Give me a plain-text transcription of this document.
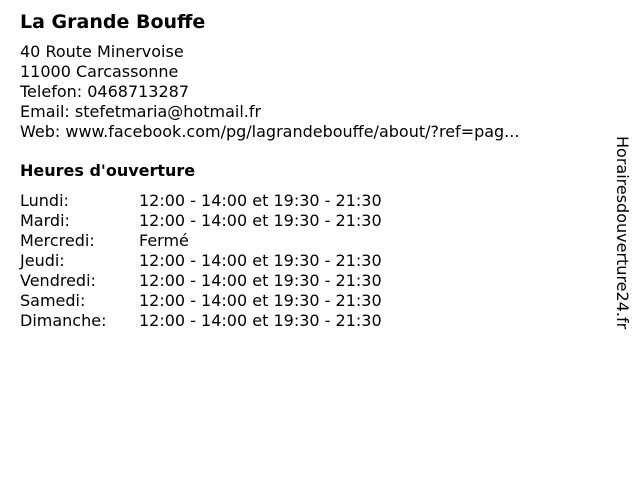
La Grande Bouffe
40 Route Minervoise
11000 Carcassonne
Telefon: 0468713287
Email: stefetmaria@hotmail.fr
Web: www.facebook.com/pg/lagrandebouffe/about/?ref=pag...
Heures d'ouverture
Lundi:	12:00 - 14:00 et 19:30 - 21:30
Mardi:	12:00 - 14:00 et 19:30 - 21:30
Mercredi:	Fermé
Jeudi:	12:00 - 14:00 et 19:30 - 21:30
Vendredi:	12:00 - 14:00 et 19:30 - 21:30
Samedi:	12:00 - 14:00 et 19:30 - 21:30
Dimanche:	12:00 - 14:00 et 19:30 - 21:30	Horairesdouverture24.fr
